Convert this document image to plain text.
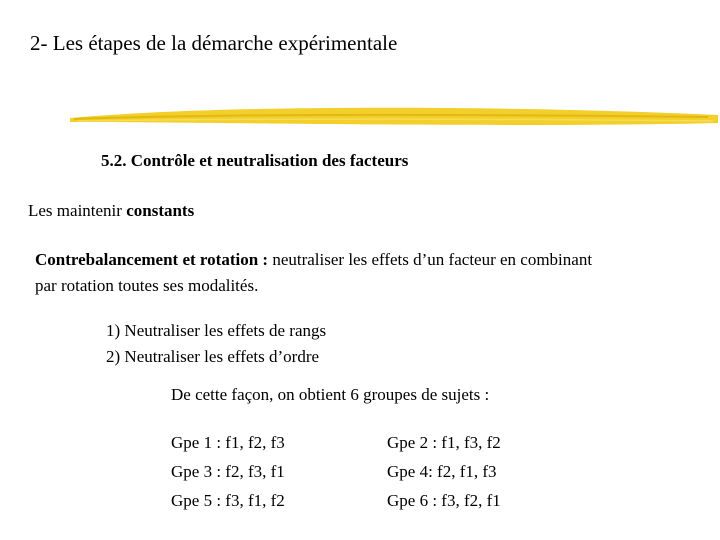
2- Les étapes de la démarche expérimentale
5.2. Contrôle et neutralisation des facteurs
Les maintenir constants
Contrebalancement et rotation : neutraliser les effets d’un facteur en combinant
par rotation toutes ses modalités.
1) Neutraliser les effets de rangs
2) Neutraliser les effets d’ordre
De cette façon, on obtient 6 groupes de sujets :
Gpe 1 : f1, f2, f3	Gpe 2 : f1, f3, f2
Gpe 3 : f2, f3, f1	Gpe 4: f2, f1, f3
Gpe 5 : f3, f1, f2	Gpe 6 : f3, f2, f1
